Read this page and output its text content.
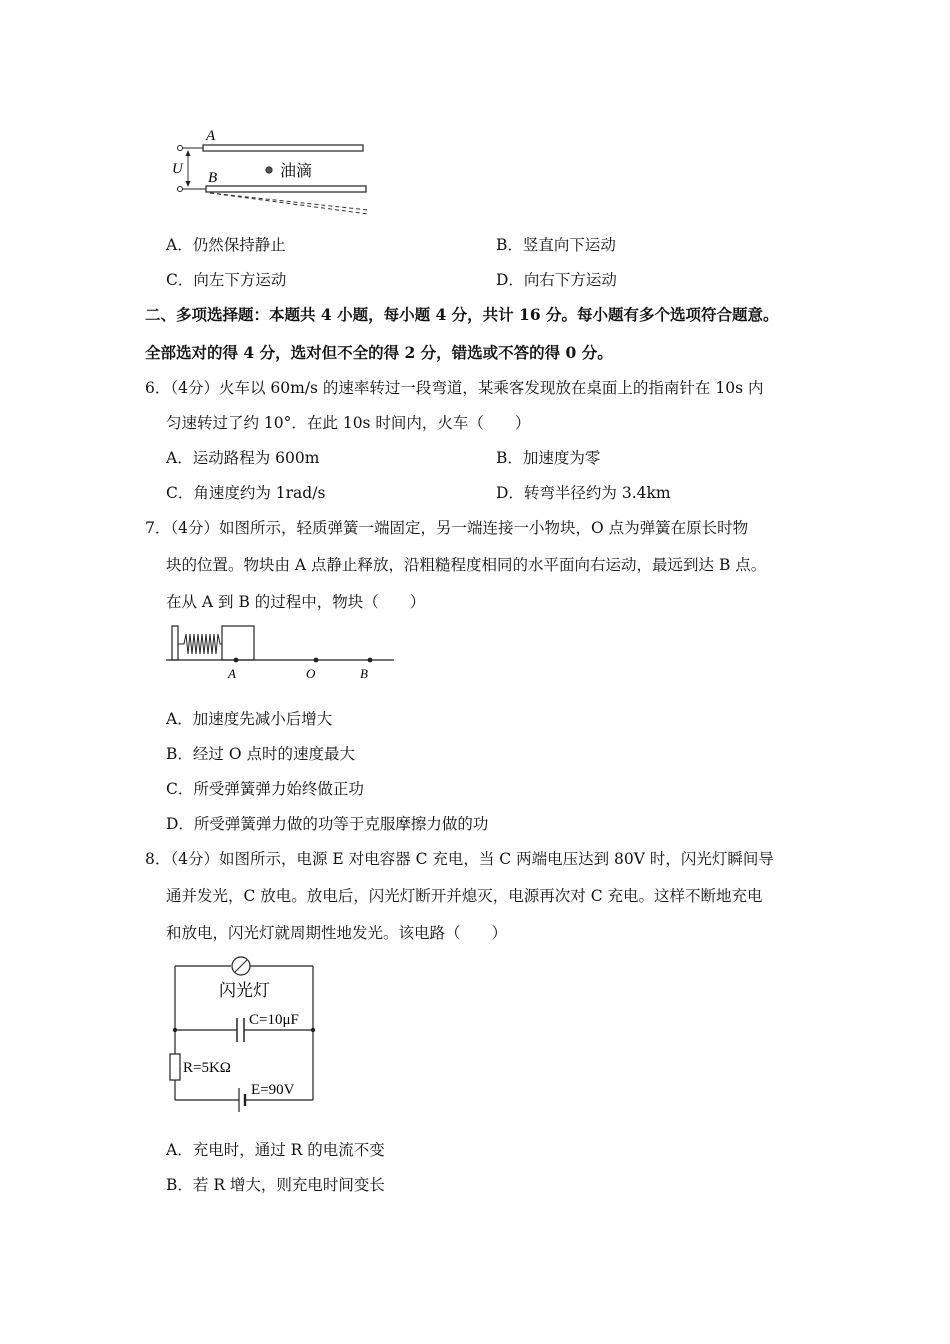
U
A
B	油滴
A．仍然保持静止	B．竖直向下运动
C．向左下方运动	D．向右下方运动
二、多项选择题：本题共 4 小题，每小题 4 分，共计 16 分。每小题有多个选项符合题意。
全部选对的得 4 分，选对但不全的得 2 分，错选或不答的得 0 分。
6．（4分）火车以 60m/s 的速率转过一段弯道，某乘客发现放在桌面上的指南针在 10s 内
匀速转过了约 10°．在此 10s 时间内，火车（　　）
A．运动路程为 600m	B．加速度为零
C．角速度约为 1rad/s	D．转弯半径约为 3.4km
7．（4分）如图所示，轻质弹簧一端固定，另一端连接一小物块，O 点为弹簧在原长时物
块的位置。物块由 A 点静止释放，沿粗糙程度相同的水平面向右运动，最远到达 B 点。
在从 A 到 B 的过程中，物块（　　）
A	O	B
A．加速度先减小后增大
B．经过 O 点时的速度最大
C．所受弹簧弹力始终做正功
D．所受弹簧弹力做的功等于克服摩擦力做的功
8．（4分）如图所示，电源 E 对电容器 C 充电，当 C 两端电压达到 80V 时，闪光灯瞬间导
通并发光，C 放电。放电后，闪光灯断开并熄灭，电源再次对 C 充电。这样不断地充电
和放电，闪光灯就周期性地发光。该电路（　　）
闪光灯
C=10μF
R=5KΩ
E=90V
A．充电时，通过 R 的电流不变
B．若 R 增大，则充电时间变长
